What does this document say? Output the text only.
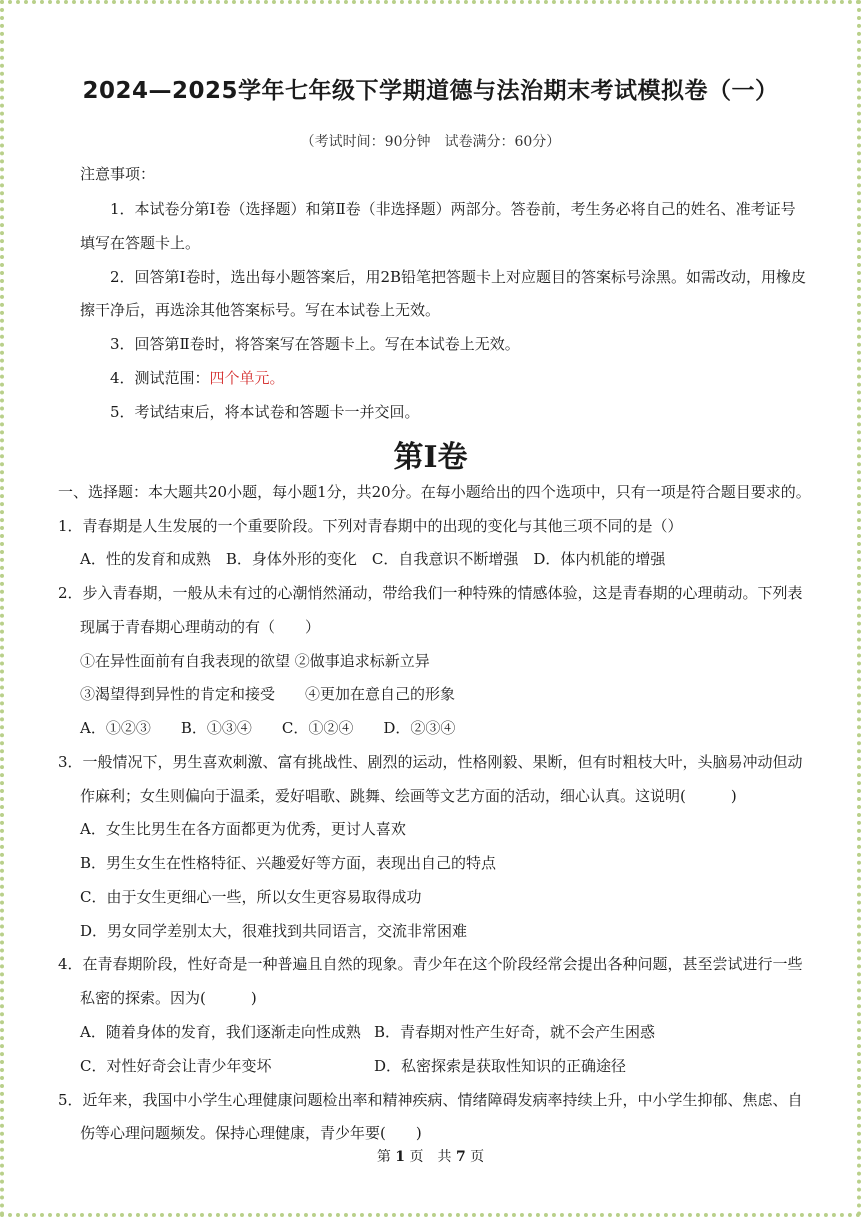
2024—2025学年七年级下学期道德与法治期末考试模拟卷（一）
（考试时间：90分钟　试卷满分：60分）
注意事项：
1．本试卷分第Ⅰ卷（选择题）和第Ⅱ卷（非选择题）两部分。答卷前，考生务必将自己的姓名、准考证号
填写在答题卡上。
2．回答第Ⅰ卷时，选出每小题答案后，用2B铅笔把答题卡上对应题目的答案标号涂黑。如需改动，用橡皮
擦干净后，再选涂其他答案标号。写在本试卷上无效。
3．回答第Ⅱ卷时，将答案写在答题卡上。写在本试卷上无效。
4．测试范围：四个单元。
5．考试结束后，将本试卷和答题卡一并交回。
第Ⅰ卷
一、选择题：本大题共20小题，每小题1分，共20分。在每小题给出的四个选项中，只有一项是符合题目要求的。
1．青春期是人生发展的一个重要阶段。下列对青春期中的出现的变化与其他三项不同的是（）
A．性的发育和成熟　B．身体外形的变化　C．自我意识不断增强　D．体内机能的增强
2．步入青春期，一般从未有过的心潮悄然涌动，带给我们一种特殊的情感体验，这是青春期的心理萌动。下列表
现属于青春期心理萌动的有（　　）
①在异性面前有自我表现的欲望 ②做事追求标新立异
③渴望得到异性的肯定和接受　　④更加在意自己的形象
A．①②③　　B．①③④　　C．①②④　　D．②③④
3．一般情况下，男生喜欢刺激、富有挑战性、剧烈的运动，性格刚毅、果断，但有时粗枝大叶，头脑易冲动但动
作麻利；女生则偏向于温柔，爱好唱歌、跳舞、绘画等文艺方面的活动，细心认真。这说明(　　　)
A．女生比男生在各方面都更为优秀，更讨人喜欢
B．男生女生在性格特征、兴趣爱好等方面，表现出自己的特点
C．由于女生更细心一些，所以女生更容易取得成功
D．男女同学差别太大，很难找到共同语言，交流非常困难
4．在青春期阶段，性好奇是一种普遍且自然的现象。青少年在这个阶段经常会提出各种问题，甚至尝试进行一些
私密的探索。因为(　　　)
A．随着身体的发育，我们逐渐走向性成熟 B．青春期对性产生好奇，就不会产生困惑
C．对性好奇会让青少年变坏	D．私密探索是获取性知识的正确途径
5．近年来，我国中小学生心理健康问题检出率和精神疾病、情绪障碍发病率持续上升，中小学生抑郁、焦虑、自
伤等心理问题频发。保持心理健康，青少年要(　　)
第 1 页　共 7 页
